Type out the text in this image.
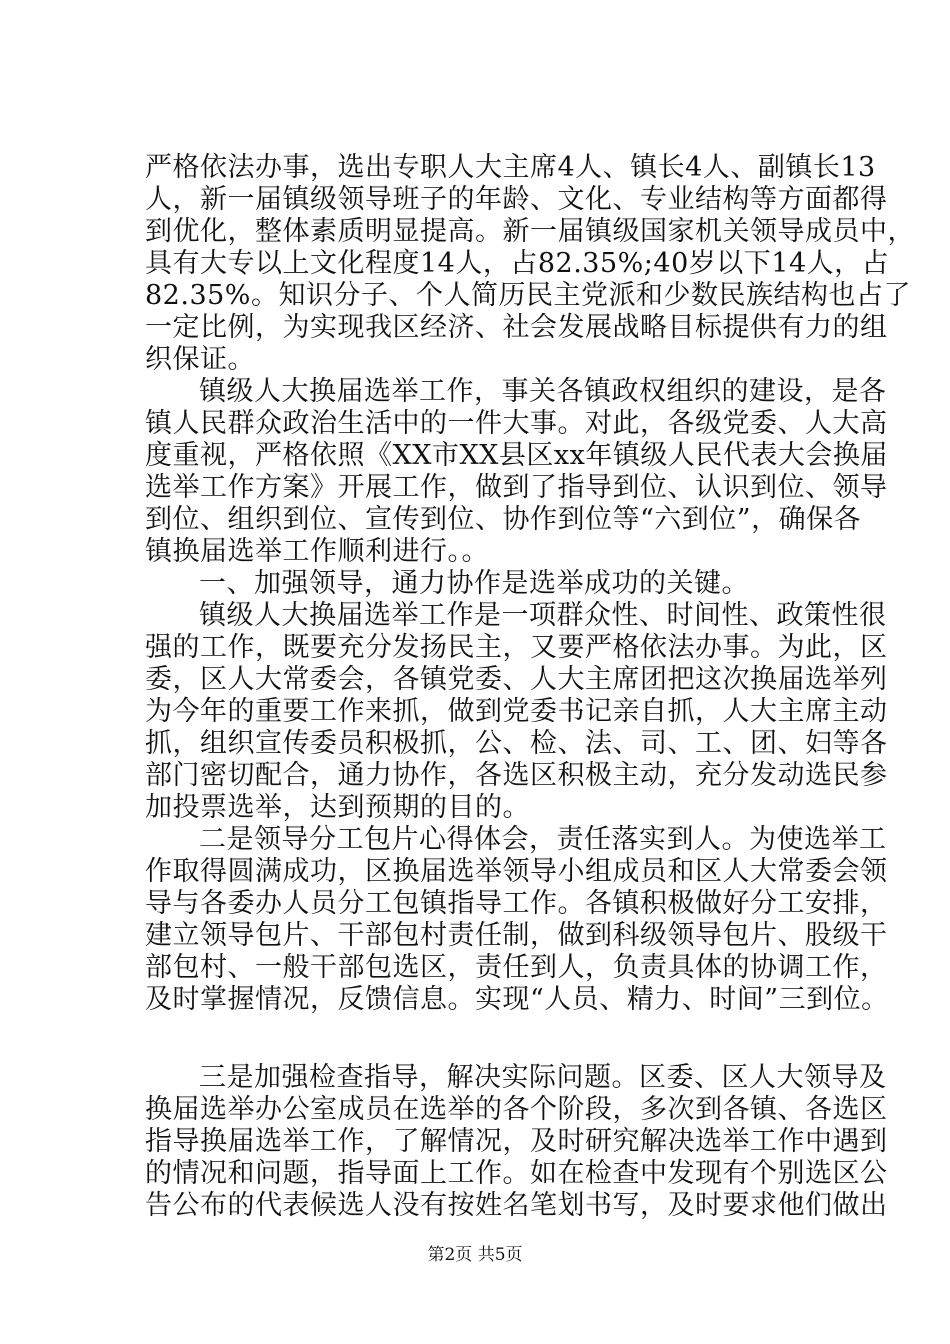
严格依法办事，选出专职人大主席4人、镇长4人、副镇长13
人，新一届镇级领导班子的年龄、文化、专业结构等方面都得
到优化，整体素质明显提高。新一届镇级国家机关领导成员中，
具有大专以上文化程度14人，占82.35%;40岁以下14人，占
82.35%。知识分子、个人简历民主党派和少数民族结构也占了
一定比例，为实现我区经济、社会发展战略目标提供有力的组
织保证。
镇级人大换届选举工作，事关各镇政权组织的建设，是各
镇人民群众政治生活中的一件大事。对此，各级党委、人大高
度重视，严格依照《XX市XX县区xx年镇级人民代表大会换届
选举工作方案》开展工作，做到了指导到位、认识到位、领导
到位、组织到位、宣传到位、协作到位等“六到位”，确保各
镇换届选举工作顺利进行。。
一、加强领导，通力协作是选举成功的关键。
镇级人大换届选举工作是一项群众性、时间性、政策性很
强的工作，既要充分发扬民主，又要严格依法办事。为此，区
委，区人大常委会，各镇党委、人大主席团把这次换届选举列
为今年的重要工作来抓，做到党委书记亲自抓，人大主席主动
抓，组织宣传委员积极抓，公、检、法、司、工、团、妇等各
部门密切配合，通力协作，各选区积极主动，充分发动选民参
加投票选举，达到预期的目的。
二是领导分工包片心得体会，责任落实到人。为使选举工
作取得圆满成功，区换届选举领导小组成员和区人大常委会领
导与各委办人员分工包镇指导工作。各镇积极做好分工安排，
建立领导包片、干部包村责任制，做到科级领导包片、股级干
部包村、一般干部包选区，责任到人，负责具体的协调工作，
及时掌握情况，反馈信息。实现“人员、精力、时间”三到位。
三是加强检查指导，解决实际问题。区委、区人大领导及
换届选举办公室成员在选举的各个阶段，多次到各镇、各选区
指导换届选举工作，了解情况，及时研究解决选举工作中遇到
的情况和问题，指导面上工作。如在检查中发现有个别选区公
告公布的代表候选人没有按姓名笔划书写，及时要求他们做出
第2页 共5页
